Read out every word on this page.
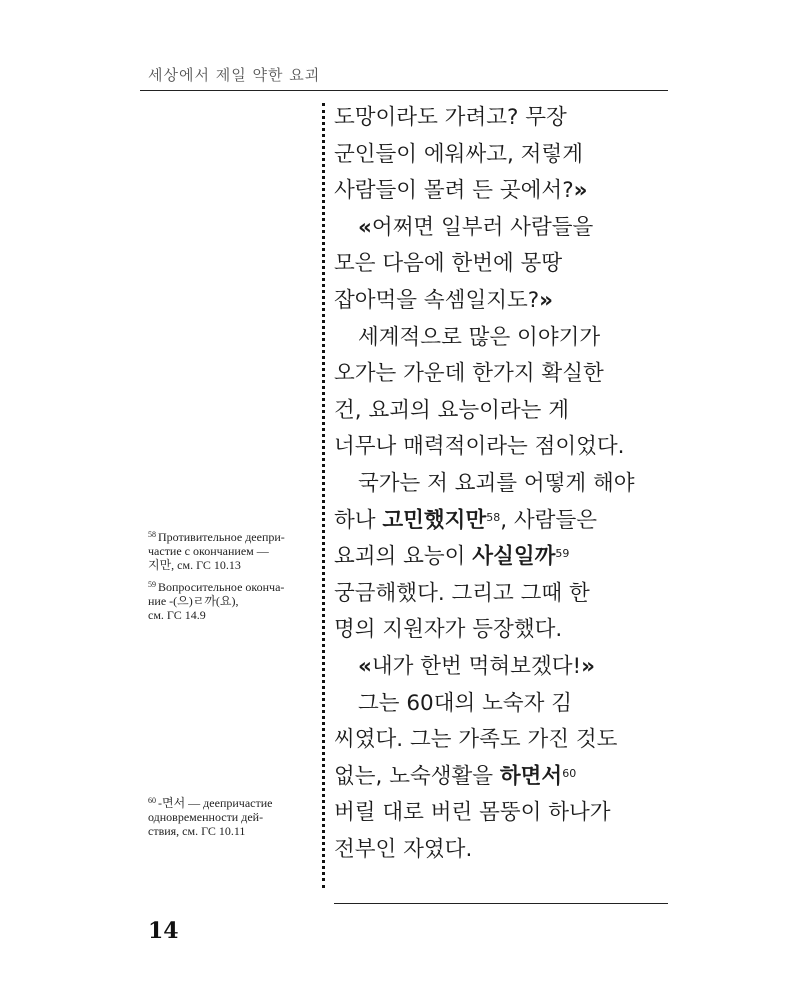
세상에서 제일 약한 요괴
도망이라도 가려고? 무장
군인들이 에워싸고, 저렇게
사람들이 몰려 든 곳에서?»
«어쩌면 일부러 사람들을
모은 다음에 한번에 몽땅
잡아먹을 속셈일지도?»
세계적으로 많은 이야기가
오가는 가운데 한가지 확실한
건, 요괴의 요능이라는 게
너무나 매력적이라는 점이었다.
국가는 저 요괴를 어떻게 해야
하나 고민했지만$^{58}$, 사람들은
요괴의 요능이 사실일까$^{59}$
궁금해했다. 그리고 그때 한
명의 지원자가 등장했다.
«내가 한번 먹혀보겠다!»
그는 60대의 노숙자 김
씨였다. 그는 가족도 가진 것도
없는, 노숙생활을 하면서$^{60}$
버릴 대로 버린 몸뚱이 하나가
전부인 자였다.
$^{58}$ Противительное деепри-
частие с окончанием —
지만, см. ГС 10.13
$^{59}$ Вопросительное оконча-
ние -(으)ㄹ까(요),
см. ГС 14.9
$^{60}$ -면서 — деепричастие
одновременности дей-
ствия, см. ГС 10.11
14
